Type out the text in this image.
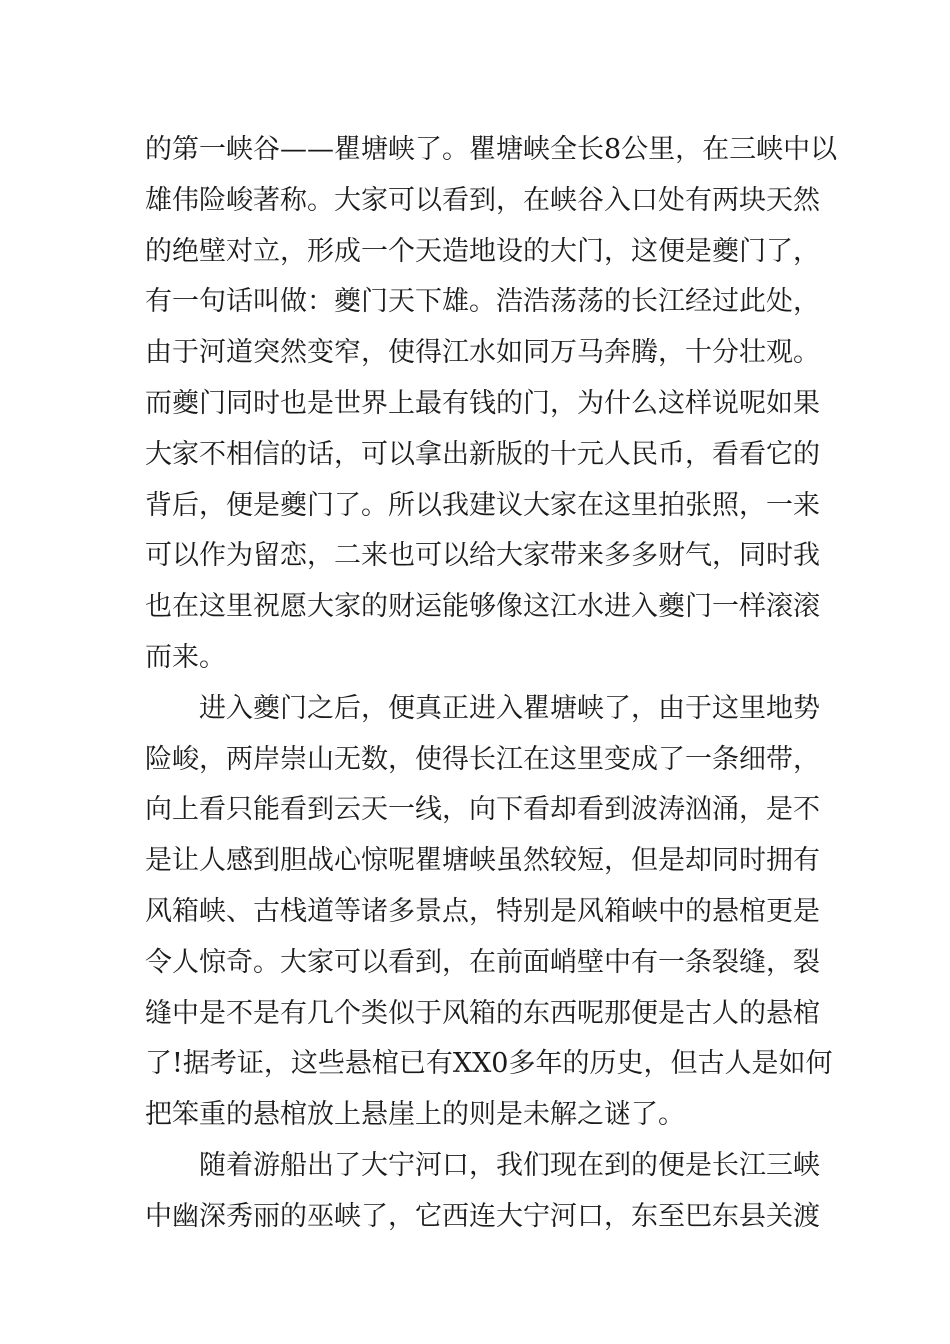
的第一峡谷——瞿塘峡了。瞿塘峡全长8公里，在三峡中以
雄伟险峻著称。大家可以看到，在峡谷入口处有两块天然
的绝壁对立，形成一个天造地设的大门，这便是夔门了，
有一句话叫做：夔门天下雄。浩浩荡荡的长江经过此处，
由于河道突然变窄，使得江水如同万马奔腾，十分壮观。
而夔门同时也是世界上最有钱的门，为什么这样说呢如果
大家不相信的话，可以拿出新版的十元人民币，看看它的
背后，便是夔门了。所以我建议大家在这里拍张照，一来
可以作为留恋，二来也可以给大家带来多多财气，同时我
也在这里祝愿大家的财运能够像这江水进入夔门一样滚滚
而来。
进入夔门之后，便真正进入瞿塘峡了，由于这里地势
险峻，两岸崇山无数，使得长江在这里变成了一条细带，
向上看只能看到云天一线，向下看却看到波涛汹涌，是不
是让人感到胆战心惊呢瞿塘峡虽然较短，但是却同时拥有
风箱峡、古栈道等诸多景点，特别是风箱峡中的悬棺更是
令人惊奇。大家可以看到，在前面峭壁中有一条裂缝，裂
缝中是不是有几个类似于风箱的东西呢那便是古人的悬棺
了!据考证，这些悬棺已有XX0多年的历史，但古人是如何
把笨重的悬棺放上悬崖上的则是未解之谜了。
随着游船出了大宁河口，我们现在到的便是长江三峡
中幽深秀丽的巫峡了，它西连大宁河口，东至巴东县关渡
